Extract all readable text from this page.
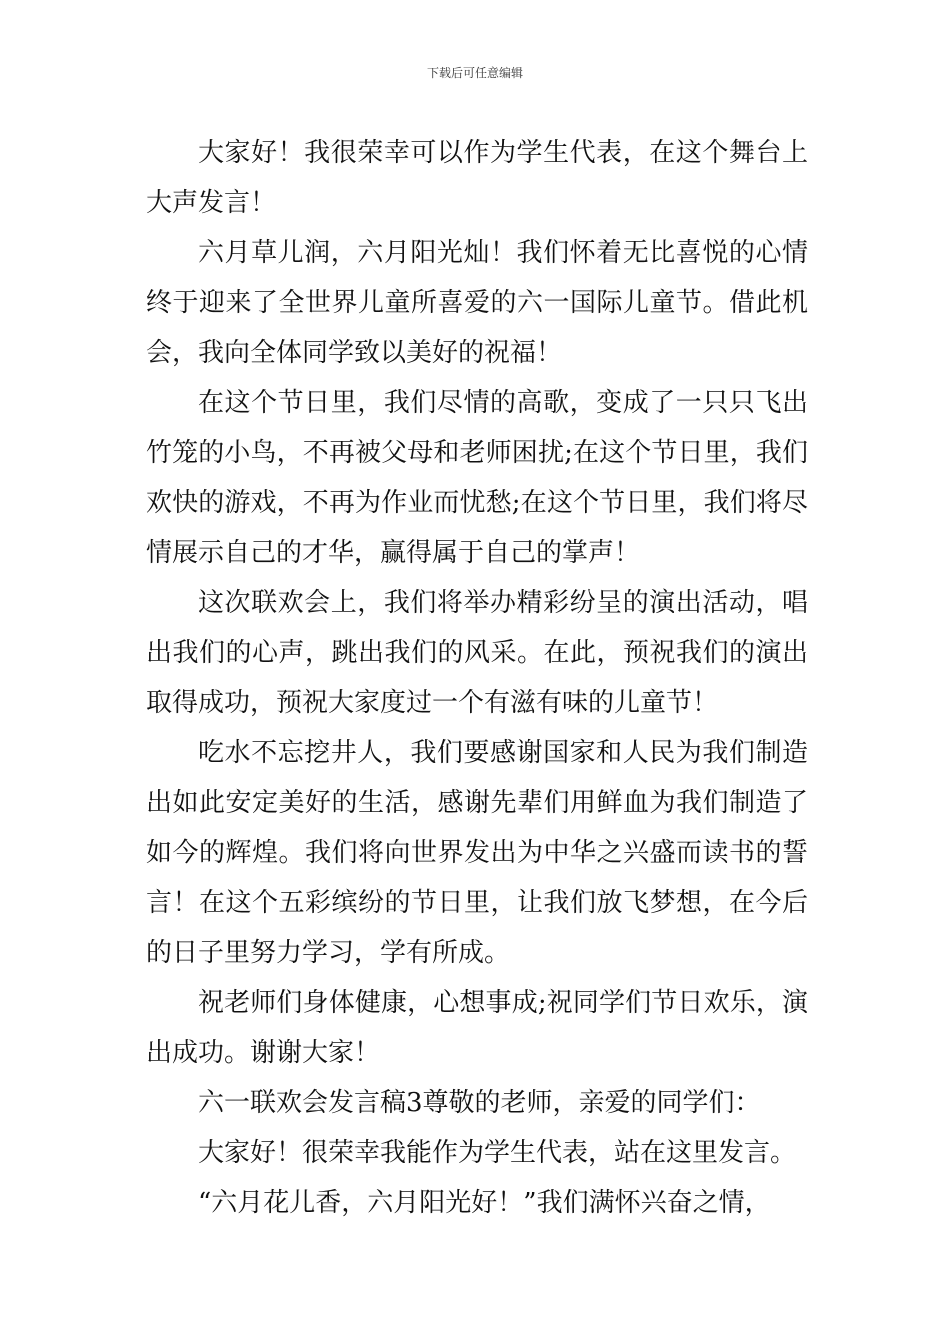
下载后可任意编辑

大家好！我很荣幸可以作为学生代表，在这个舞台上大声发言！

六月草儿润，六月阳光灿！我们怀着无比喜悦的心情终于迎来了全世界儿童所喜爱的六一国际儿童节。借此机会，我向全体同学致以美好的祝福！

在这个节日里，我们尽情的高歌，变成了一只只飞出竹笼的小鸟，不再被父母和老师困扰;在这个节日里，我们欢快的游戏，不再为作业而忧愁;在这个节日里，我们将尽情展示自己的才华，赢得属于自己的掌声！

这次联欢会上，我们将举办精彩纷呈的演出活动，唱出我们的心声，跳出我们的风采。在此，预祝我们的演出取得成功，预祝大家度过一个有滋有味的儿童节！

吃水不忘挖井人，我们要感谢国家和人民为我们制造出如此安定美好的生活，感谢先辈们用鲜血为我们制造了如今的辉煌。我们将向世界发出为中华之兴盛而读书的誓言！在这个五彩缤纷的节日里，让我们放飞梦想，在今后的日子里努力学习，学有所成。

祝老师们身体健康，心想事成;祝同学们节日欢乐，演出成功。谢谢大家！

六一联欢会发言稿3尊敬的老师，亲爱的同学们：

大家好！很荣幸我能作为学生代表，站在这里发言。

“六月花儿香，六月阳光好！”我们满怀兴奋之情，
